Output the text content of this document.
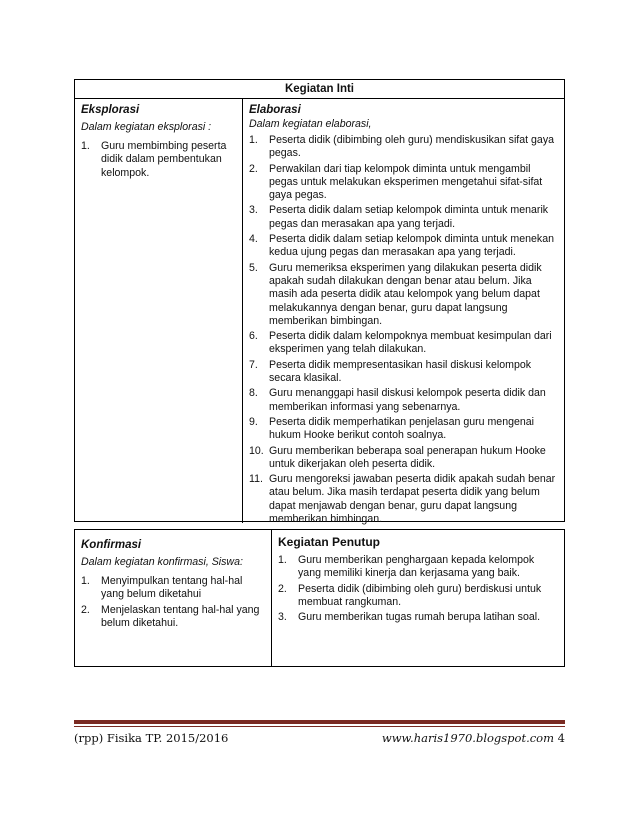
Kegiatan Inti
Eksplorasi
Dalam kegiatan eksplorasi :
1.	Guru membimbing peserta didik dalam pembentukan kelompok.
Elaborasi
Dalam kegiatan elaborasi,
1.	Peserta didik (dibimbing oleh guru) mendiskusikan sifat gaya pegas.
2.	Perwakilan dari tiap kelompok diminta untuk mengambil pegas untuk melakukan eksperimen mengetahui sifat-sifat gaya pegas.
3.	Peserta didik dalam setiap kelompok diminta untuk menarik pegas dan merasakan apa yang terjadi.
4.	Peserta didik dalam setiap kelompok diminta untuk menekan kedua ujung pegas dan merasakan apa yang terjadi.
5.	Guru memeriksa eksperimen yang dilakukan peserta didik apakah sudah dilakukan dengan benar atau belum. Jika masih ada peserta didik atau kelompok yang belum dapat melakukannya dengan benar, guru dapat langsung memberikan bimbingan.
6.	Peserta didik dalam kelompoknya membuat kesimpulan dari eksperimen yang telah dilakukan.
7.	Peserta didik mempresentasikan hasil diskusi kelompok secara klasikal.
8.	Guru menanggapi hasil diskusi kelompok peserta didik dan memberikan informasi yang sebenarnya.
9.	Peserta didik memperhatikan penjelasan guru mengenai hukum Hooke berikut contoh soalnya.
10. Guru memberikan beberapa soal penerapan hukum Hooke untuk dikerjakan oleh peserta didik.
11. Guru mengoreksi jawaban peserta didik apakah sudah benar atau belum. Jika masih terdapat peserta didik yang belum dapat menjawab dengan benar, guru dapat langsung memberikan bimbingan.
Konfirmasi
Dalam kegiatan konfirmasi, Siswa:
1.	Menyimpulkan tentang hal-hal yang belum diketahui
2.	Menjelaskan tentang hal-hal yang belum diketahui.
Kegiatan Penutup
1.	Guru memberikan penghargaan kepada kelompok yang memiliki kinerja dan kerjasama yang baik.
2.	Peserta didik (dibimbing oleh guru) berdiskusi untuk membuat rangkuman.
3.	Guru memberikan tugas rumah berupa latihan soal.
(rpp) Fisika TP. 2015/2016	www.haris1970.blogspot.com 4
